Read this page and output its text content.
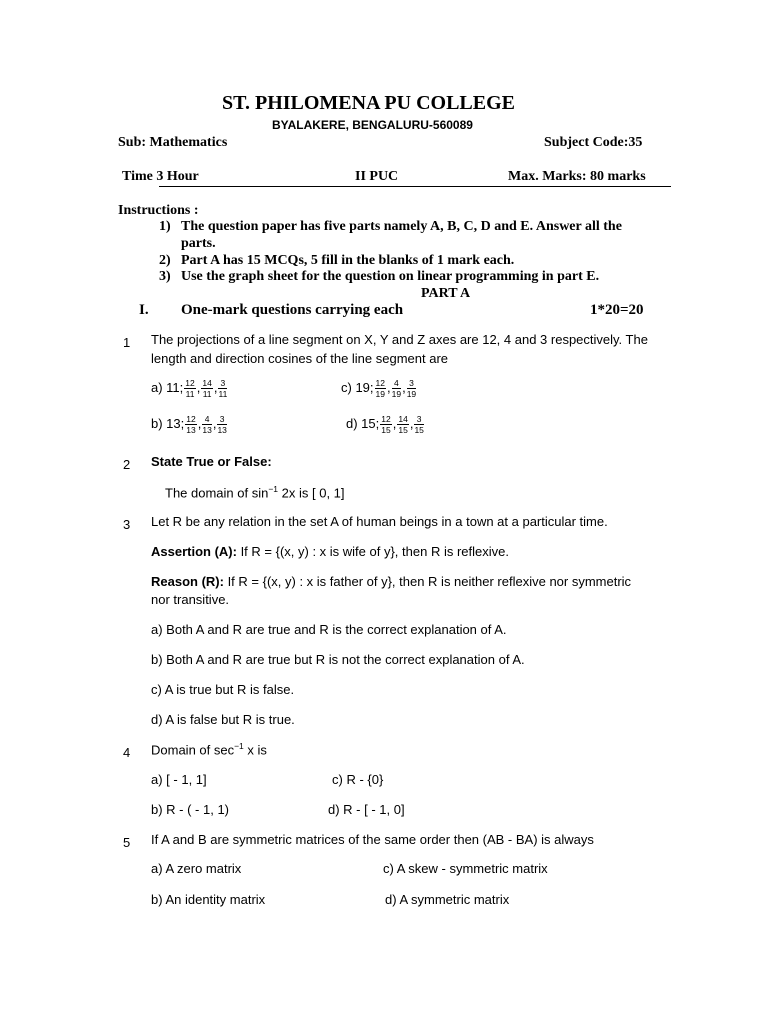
ST. PHILOMENA PU COLLEGE
BYALAKERE, BENGALURU-560089
Sub: Mathematics	Subject Code:35
Time 3 Hour	II PUC	Max. Marks: 80 marks
Instructions :
1) The question paper has five parts namely A, B, C, D and E. Answer all the
parts.
2) Part A has 15 MCQs, 5 fill in the blanks of 1 mark each.
3) Use the graph sheet for the question on linear programming in part E.
PART A
I. One-mark questions carrying each	1*20=20
1 The projections of a line segment on X, Y and Z axes are 12, 4 and 3 respectively. The
length and direction cosines of the line segment are
a) 11; $\frac{12}{11}$ , $\frac{14}{11}$ , $\frac{3}{11}$	c) 19; $\frac{12}{19}$ , $\frac{4}{19}$ , $\frac{3}{19}$
b) 13; $\frac{12}{13}$ , $\frac{4}{13}$ , $\frac{3}{13}$	d) 15; $\frac{12}{15}$ , $\frac{14}{15}$ , $\frac{3}{15}$
2 State True or False:
The domain of $\sin^{-1} 2x$ is [ 0, 1]
3 Let R be any relation in the set A of human beings in a town at a particular time.
Assertion (A): If R = {(x, y) : x is wife of y}, then R is reflexive.
Reason (R): If R = {(x, y) : x is father of y}, then R is neither reflexive nor symmetric
nor transitive.
a) Both A and R are true and R is the correct explanation of A.
b) Both A and R are true but R is not the correct explanation of A.
c) A is true but R is false.
d) A is false but R is true.
4 Domain of $\sec^{-1} x$ is
a) [ - 1, 1]	c) R - {0}
b) R - ( - 1, 1)	d) R - [ - 1, 0]
5 If A and B are symmetric matrices of the same order then (AB - BA) is always
a) A zero matrix	c) A skew - symmetric matrix
b) An identity matrix	d) A symmetric matrix
